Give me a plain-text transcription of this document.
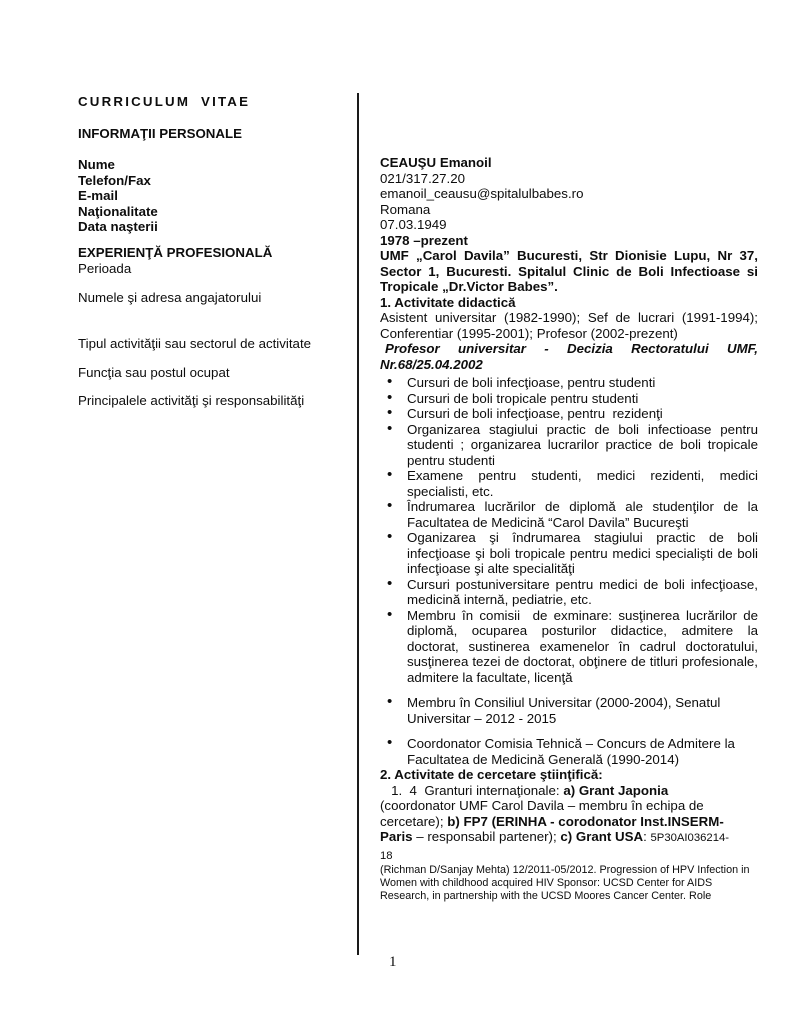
CURRICULUM VITAE
INFORMAŢII PERSONALE
Nume
Telefon/Fax
E-mail
Naţionalitate
Data naşterii
EXPERIENŢĂ PROFESIONALĂ
Perioada
Numele şi adresa angajatorului
Tipul activităţii sau sectorul de activitate
Funcţia sau postul ocupat
Principalele activităţi şi responsabilităţi
CEAUŞU Emanoil
021/317.27.20
emanoil_ceausu@spitalulbabes.ro
Romana
07.03.1949
1978 –prezent

UMF „Carol Davila” Bucuresti, Str Dionisie Lupu, Nr 37, Sector 1, Bucuresti. Spitalul Clinic de Boli Infectioase si Tropicale „Dr.Victor Babes”.

1. Activitate didactică

Asistent universitar (1982-1990); Sef de lucrari (1991-1994); Conferentiar (1995-2001); Profesor (2002-prezent)

Profesor universitar - Decizia Rectoratului UMF,
Nr.68/25.04.2002
• Cursuri de boli infecţioase, pentru studenti
• Cursuri de boli tropicale pentru studenti
• Cursuri de boli infecţioase, pentru  rezidenţi
• Organizarea stagiului practic de boli infectioase pentru studenti ; organizarea lucrarilor practice de boli tropicale pentru studenti
• Examene pentru studenti, medici rezidenti, medici specialisti, etc.
• Îndrumarea lucrărilor de diplomă ale studenţilor de la Facultatea de Medicină “Carol Davila” Bucureşti
• Oganizarea şi îndrumarea stagiului practic de boli infecţioase şi boli tropicale pentru medici specialişti de boli infecţioase şi alte specialităţi
• Cursuri postuniversitare pentru medici de boli infecţioase, medicină internă, pediatrie, etc.
• Membru în comisii  de exminare: susţinerea lucrărilor de diplomă, ocuparea posturilor didactice, admitere la doctorat, sustinerea examenelor în cadrul doctoratului, susţinerea tezei de doctorat, obţinere de titluri profesionale, admitere la facultate, licenţă
• Membru în Consiliul Universitar (2000-2004), Senatul Universitar – 2012 - 2015
• Coordonator Comisia Tehnică – Concurs de Admitere la Facultatea de Medicină Generală (1990-2014)
2. Activitate de cercetare ştiinţifică:

1.  4  Granturi internaţionale: a) Grant Japonia (coordonator UMF Carol Davila – membru în echipa de cercetare); b) FP7 (ERINHA - corodonator Inst.INSERM-Paris – responsabil partener); c) Grant USA: 5P30AI036214-18

(Richman D/Sanjay Mehta) 12/2011-05/2012. Progression of HPV Infection in Women with childhood acquired HIV Sponsor: UCSD Center for AIDS Research, in partnership with the UCSD Moores Cancer Center. Role

1
